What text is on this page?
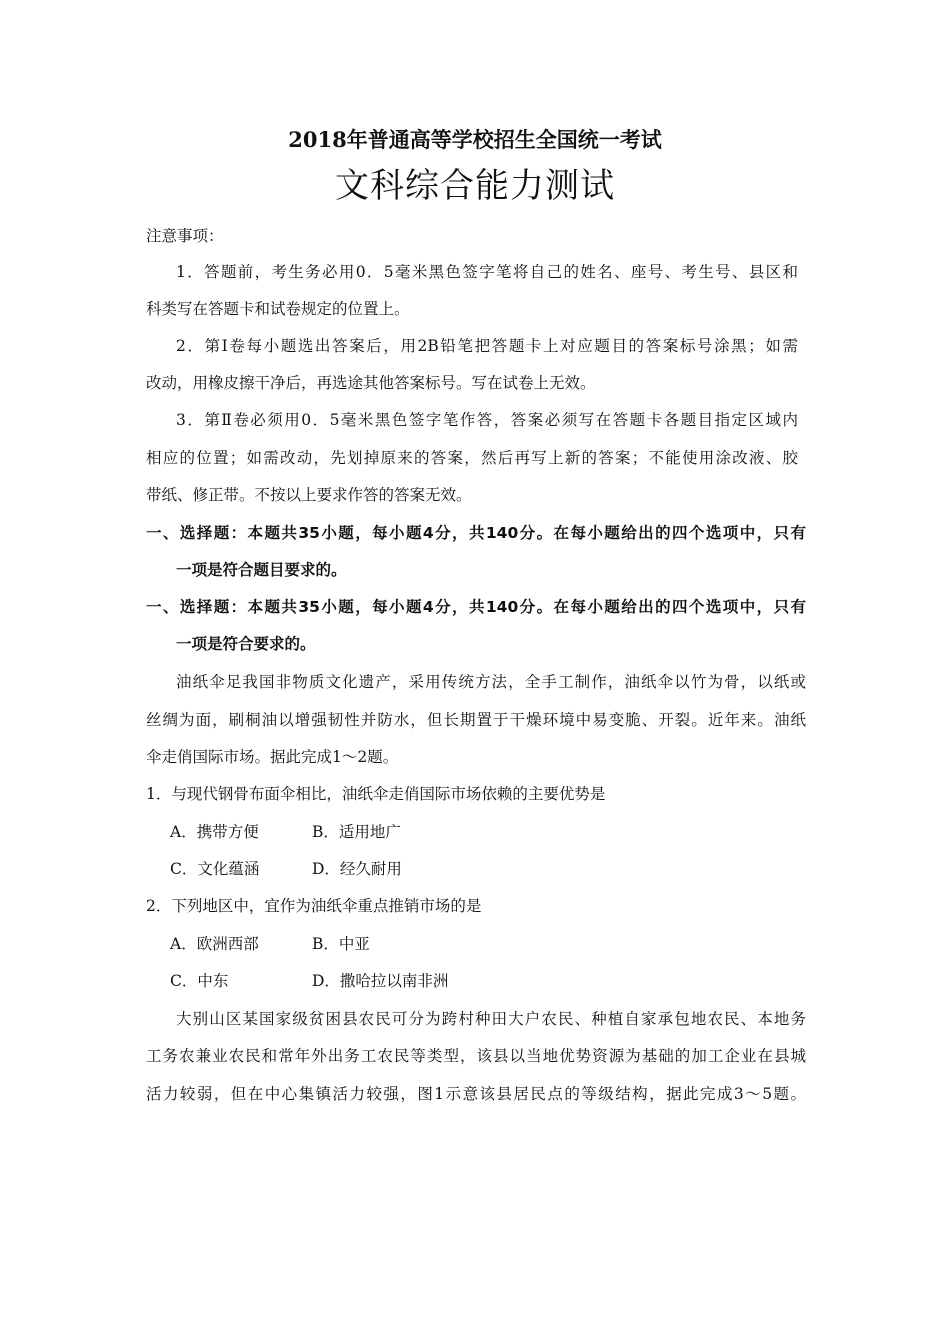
2018年普通高等学校招生全国统一考试
文科综合能力测试
注意事项：
1．答题前，考生务必用0．5毫米黑色签字笔将自己的姓名、座号、考生号、县区和
科类写在答题卡和试卷规定的位置上。
2．第Ⅰ卷每小题选出答案后，用2B铅笔把答题卡上对应题目的答案标号涂黑；如需
改动，用橡皮擦干净后，再选途其他答案标号。写在试卷上无效。
3．第Ⅱ卷必须用0．5毫米黑色签字笔作答，答案必须写在答题卡各题目指定区域内
相应的位置；如需改动，先划掉原来的答案，然后再写上新的答案；不能使用涂改液、胶
带纸、修正带。不按以上要求作答的答案无效。
一、选择题：本题共35小题，每小题4分，共140分。在每小题给出的四个选项中，只有
一项是符合题目要求的。
一、选择题：本题共35小题，每小题4分，共140分。在每小题给出的四个选项中，只有
一项是符合要求的。
油纸伞足我国非物质文化遗产，采用传统方法，全手工制作，油纸伞以竹为骨，以纸或
丝绸为面，刷桐油以增强韧性并防水，但长期置于干燥环境中易变脆、开裂。近年来。油纸
伞走俏国际市场。据此完成1～2题。
1．与现代钢骨布面伞相比，油纸伞走俏国际市场依赖的主要优势是
A．携带方便	B．适用地广
C．文化蕴涵	D．经久耐用
2．下列地区中，宜作为油纸伞重点推销市场的是
A．欧洲西部	B．中亚
C．中东	D．撒哈拉以南非洲
大别山区某国家级贫困县农民可分为跨村种田大户农民、种植自家承包地农民、本地务
工务农兼业农民和常年外出务工农民等类型，该县以当地优势资源为基础的加工企业在县城
活力较弱，但在中心集镇活力较强，图1示意该县居民点的等级结构，据此完成3～5题。
